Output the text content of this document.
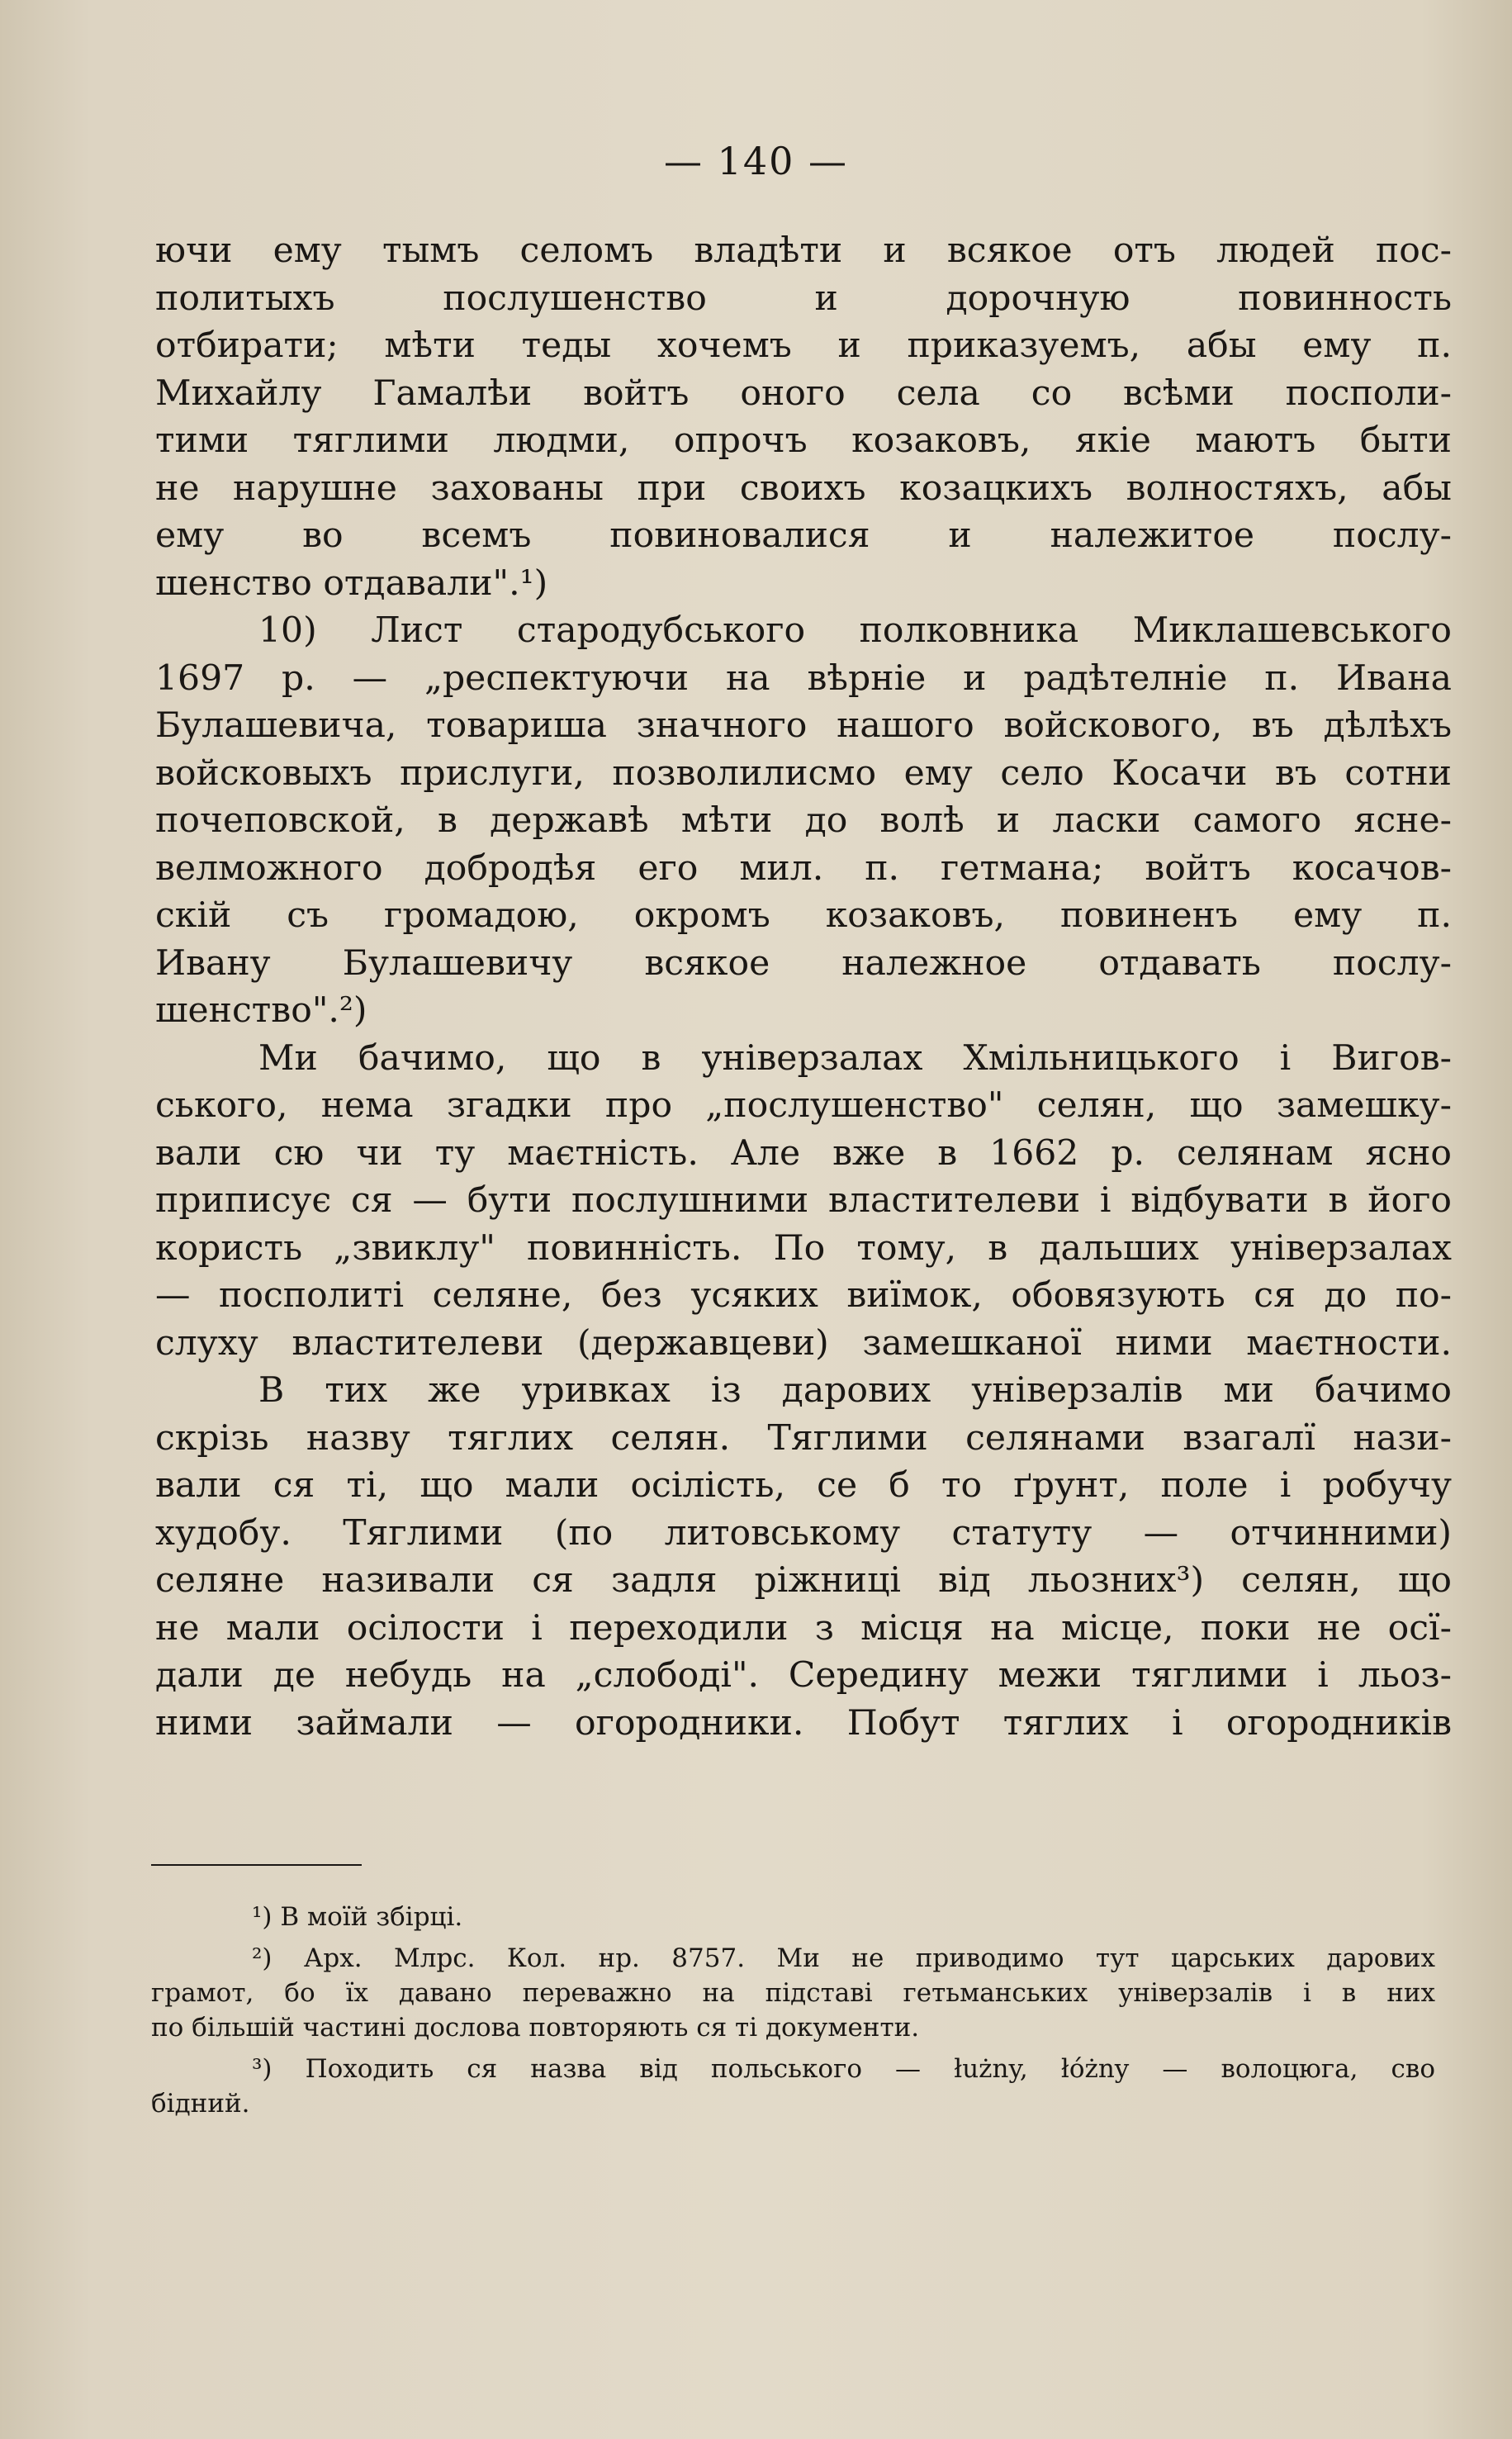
— 140 —
ючи ему тымъ селомъ владѣти и всякое отъ людей пос-
политыхъ послушенство и дорочную повинность
отбирати; мѣти теды хочемъ и приказуемъ, абы ему п.
Михайлу Гамалѣи войтъ оного села со всѣми посполи-
тими тяглими людми, опрочъ козаковъ, якіе маютъ быти
не нарушне захованы при своихъ козацкихъ волностяхъ, абы
ему во всемъ повиновалися и належитое послу-
шенство отдавали".¹)
10) Лист стародубського полковника Миклашевського
1697 р. — „респектуючи на вѣрніе и радѣтелніе п. Ивана
Булашевича, товариша значного нашого войскового, въ дѣлѣхъ
войсковыхъ прислуги, позволилисмо ему село Косачи въ сотни
почеповской, в державѣ мѣти до волѣ и ласки самого ясне-
велможного добродѣя его мил. п. гетмана; войтъ косачов-
скій съ громадою, окромъ козаковъ, повиненъ ему п.
Ивану Булашевичу всякое належное отдавать послу-
шенство".²)
Ми бачимо, що в універзалах Хмільницького і Вигов-
ського, нема згадки про „послушенство" селян, що замешку-
вали сю чи ту маєтність. Але вже в 1662 р. селянам ясно
приписує ся — бути послушними властителеви і відбувати в його
користь „звиклу" повинність. По тому, в дальших універзалах
— посполиті селяне, без усяких виїмок, обовязують ся до по-
слуху властителеви (державцеви) замешканої ними маєтности.
В тих же уривках із дарових універзалів ми бачимо
скрізь назву тяглих селян. Тяглими селянами взагалї нази-
вали ся ті, що мали осілість, се б то ґрунт, поле і робучу
худобу. Тяглими (по литовському статуту — отчинними)
селяне називали ся задля ріжниці від льозних³) селян, що
не мали осілости і переходили з місця на місце, поки не осї-
дали де небудь на „слободі". Середину межи тяглими і льоз-
ними займали — огородники. Побут тяглих і огородників
¹) В моїй збірці.
²) Арх. Млрс. Кол. нр. 8757. Ми не приводимо тут царських дарових
грамот, бо їх давано переважно на підставі гетьманських універзалів і в них
по більшій частині дослова повторяють ся ті документи.
³) Походить ся назва від польського — łużny, łóżny — волоцюга, сво
бідний.
